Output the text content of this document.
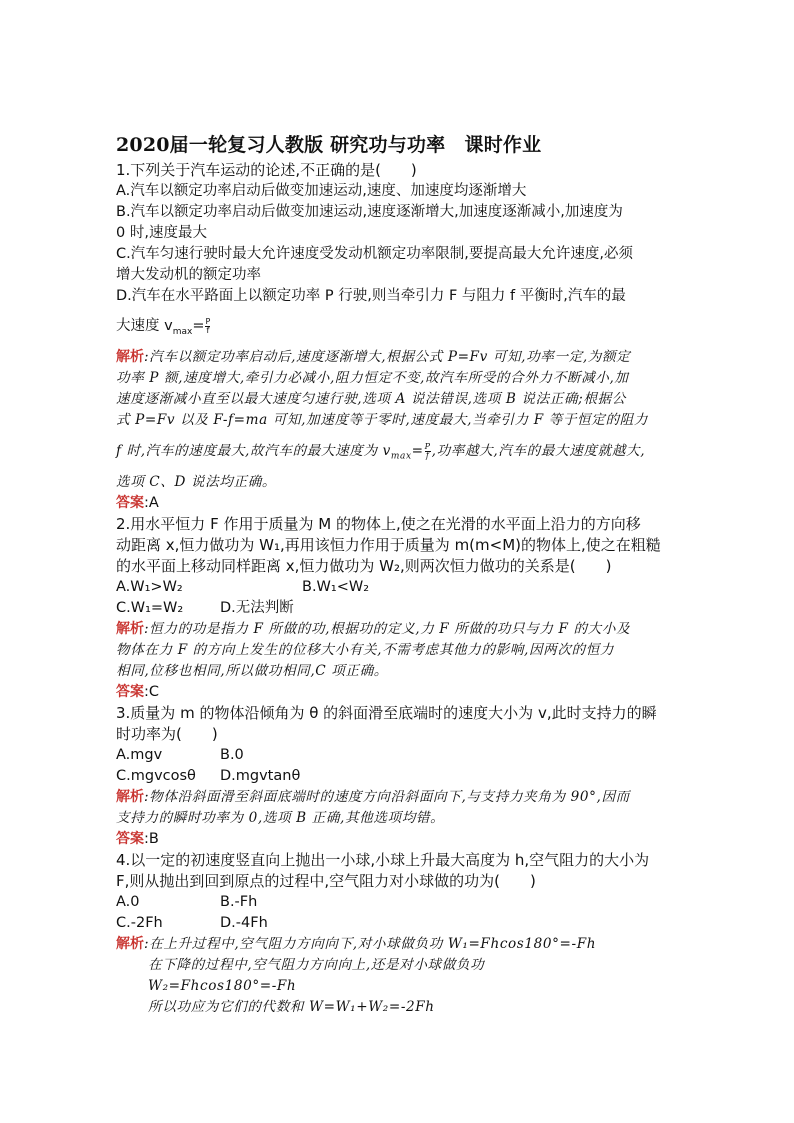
2020届一轮复习人教版 研究功与功率　课时作业
1.下列关于汽车运动的论述,不正确的是(　　)
A.汽车以额定功率启动后做变加速运动,速度、加速度均逐渐增大
B.汽车以额定功率启动后做变加速运动,速度逐渐增大,加速度逐渐减小,加速度为
0 时,速度最大
C.汽车匀速行驶时最大允许速度受发动机额定功率限制,要提高最大允许速度,必须
增大发动机的额定功率
D.汽车在水平路面上以额定功率 P 行驶,则当牵引力 F 与阻力 f 平衡时,汽车的最
大速度 $v_{max}= \frac{P}{f}$
解析:汽车以额定功率启动后,速度逐渐增大,根据公式 P=Fv 可知,功率一定,为额定
功率 P 额,速度增大,牵引力必减小,阻力恒定不变,故汽车所受的合外力不断减小,加
速度逐渐减小直至以最大速度匀速行驶,选项 A 说法错误,选项 B 说法正确;根据公
式 P=Fv 以及 F-f=ma 可知,加速度等于零时,速度最大,当牵引力 F 等于恒定的阻力
f 时,汽车的速度最大,故汽车的最大速度为 $v_{max}= \frac{P}{f}$ ,功率越大,汽车的最大速度就越大,
选项 C、D 说法均正确。
答案:A
2.用水平恒力 F 作用于质量为 M 的物体上,使之在光滑的水平面上沿力的方向移
动距离 x,恒力做功为 W₁,再用该恒力作用于质量为 m(m<M)的物体上,使之在粗糙
的水平面上移动同样距离 x,恒力做功为 W₂,则两次恒力做功的关系是(　　)
A.W₁>W₂	B.W₁<W₂
C.W₁=W₂	D.无法判断
解析:恒力的功是指力 F 所做的功,根据功的定义,力 F 所做的功只与力 F 的大小及
物体在力 F 的方向上发生的位移大小有关,不需考虑其他力的影响,因两次的恒力
相同,位移也相同,所以做功相同,C 项正确。
答案:C
3.质量为 m 的物体沿倾角为 θ 的斜面滑至底端时的速度大小为 v,此时支持力的瞬
时功率为(　　)
A.mgv	B.0
C.mgvcosθ D.mgvtanθ
解析:物体沿斜面滑至斜面底端时的速度方向沿斜面向下,与支持力夹角为 90°,因而
支持力的瞬时功率为 0,选项 B 正确,其他选项均错。
答案:B
4.以一定的初速度竖直向上抛出一小球,小球上升最大高度为 h,空气阻力的大小为
F,则从抛出到回到原点的过程中,空气阻力对小球做的功为(　　)
A.0	B.-Fh
C.-2Fh	D.-4Fh
解析:在上升过程中,空气阻力方向向下,对小球做负功 W₁=Fhcos180°=-Fh
在下降的过程中,空气阻力方向向上,还是对小球做负功
W₂=Fhcos180°=-Fh
所以功应为它们的代数和 W=W₁+W₂=-2Fh
